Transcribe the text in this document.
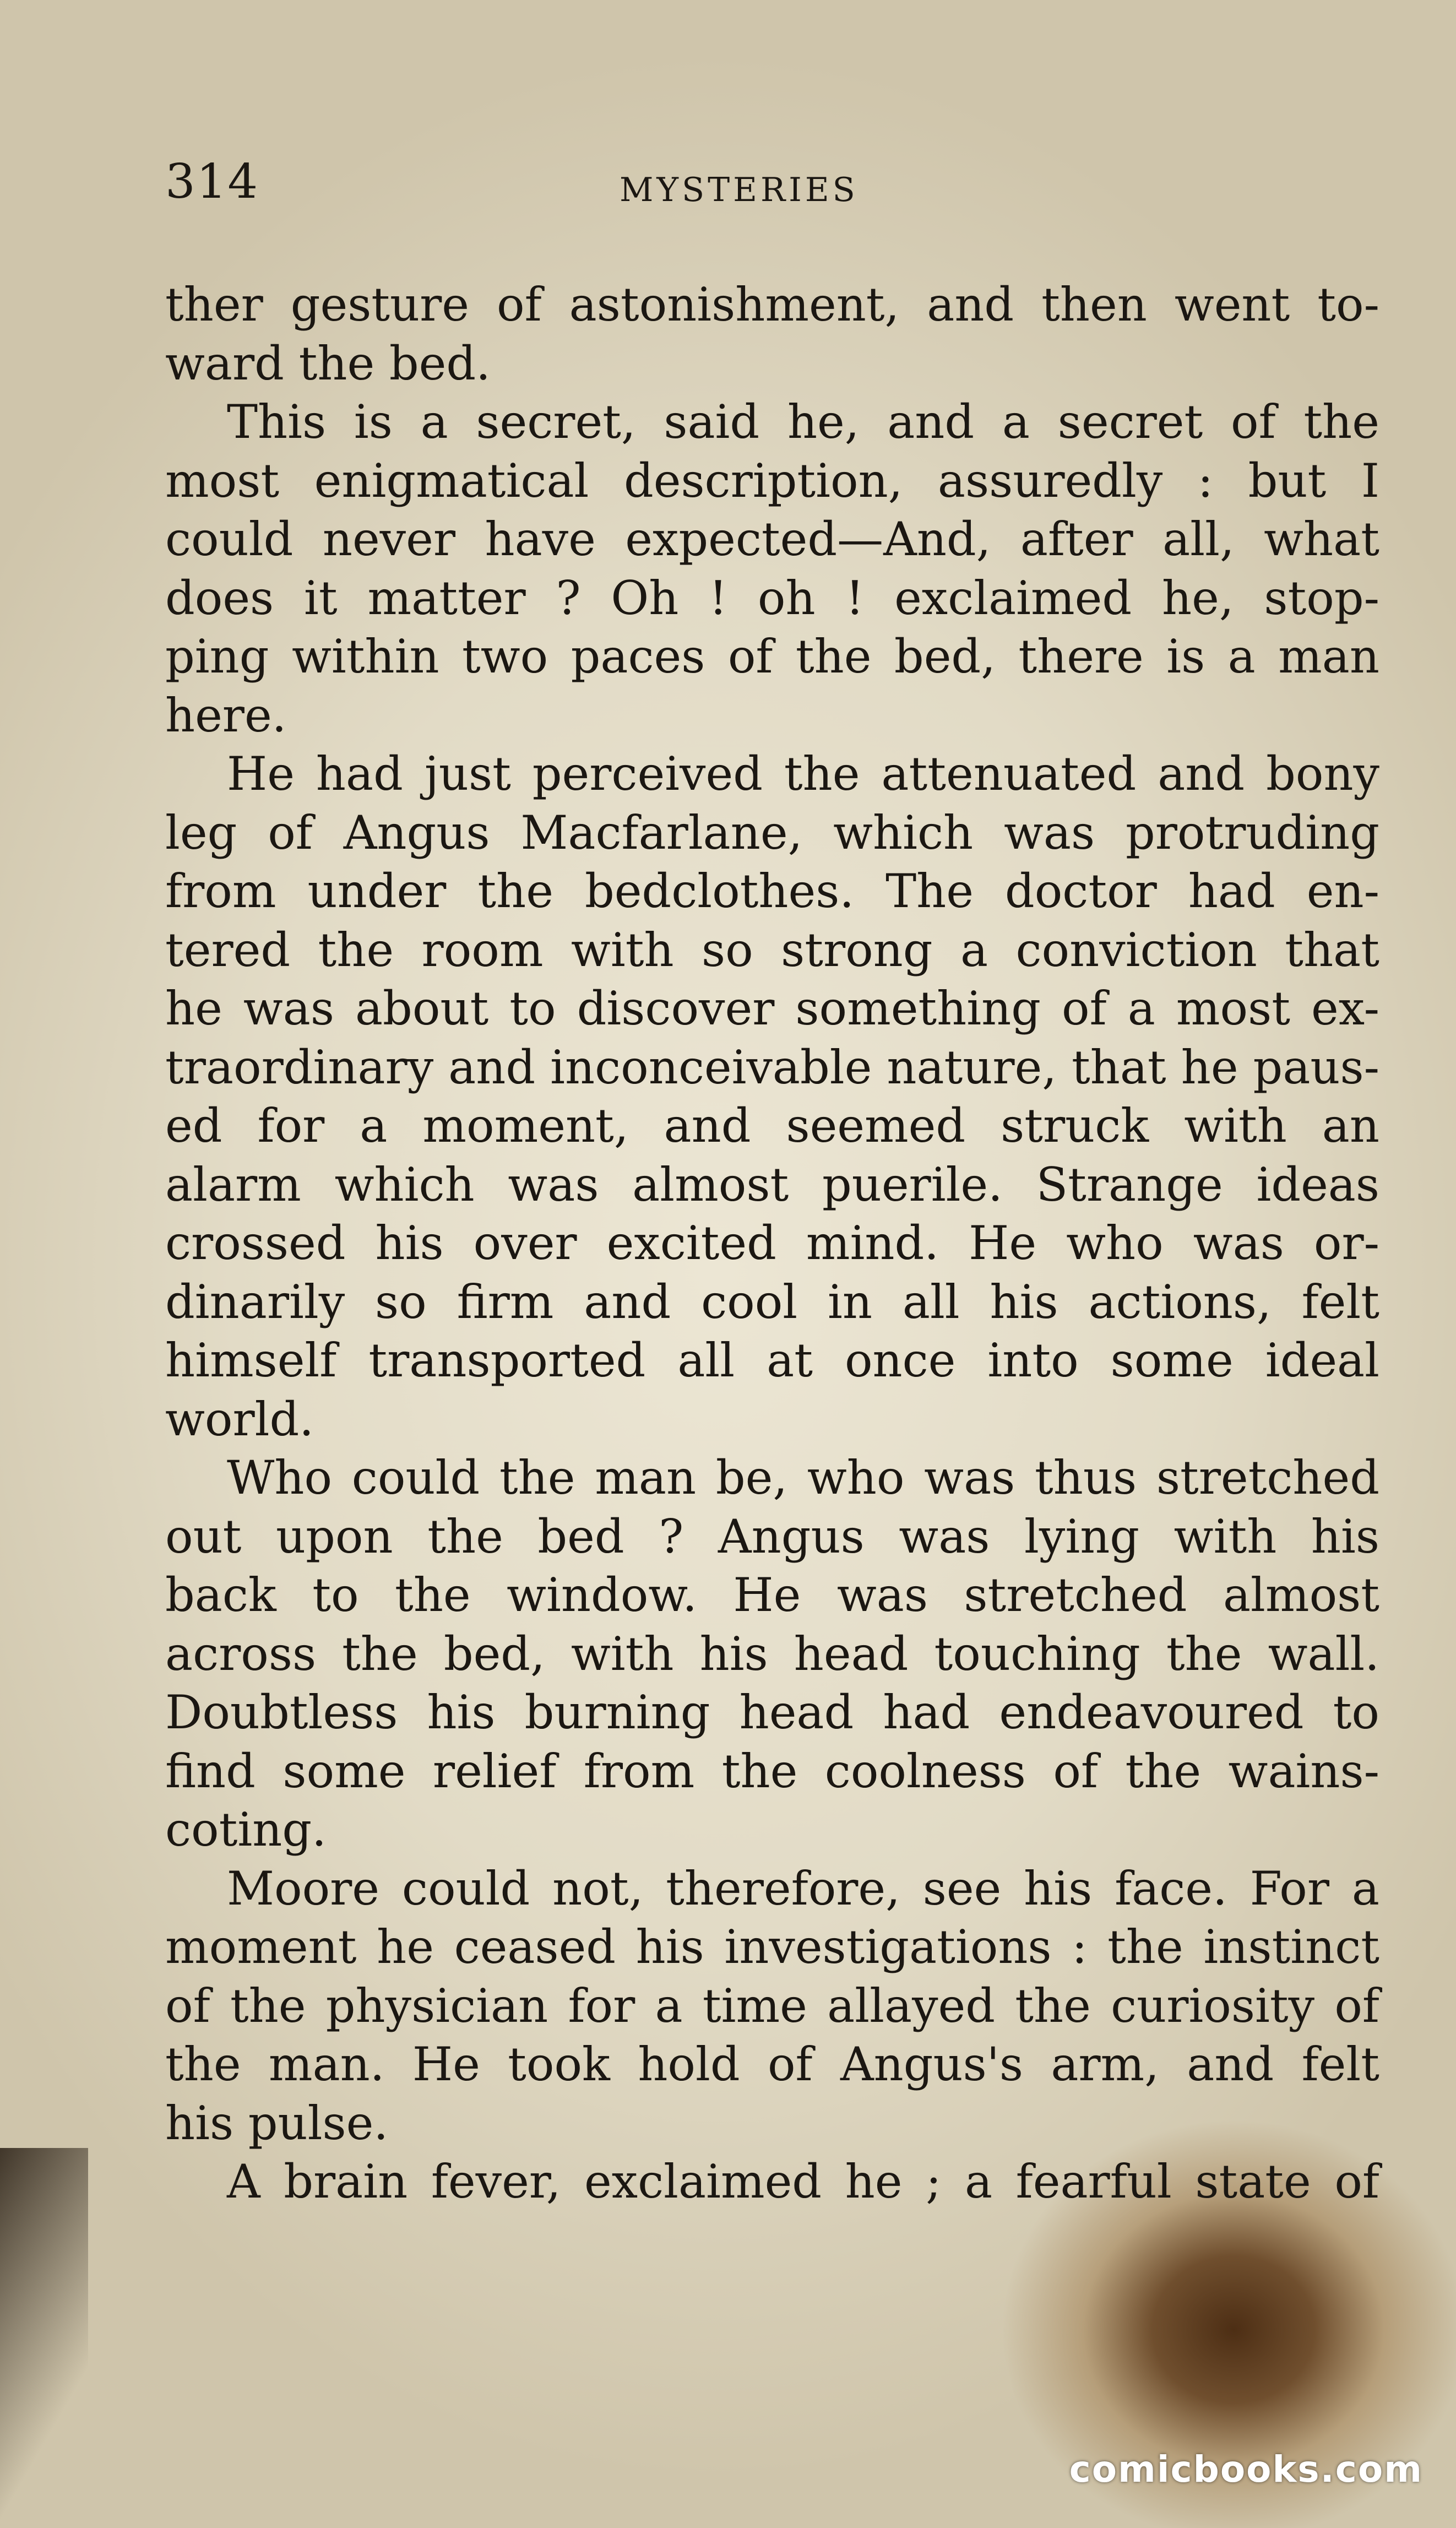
314	MYSTERIES
ther gesture of astonishment, and then went to-
ward the bed.
This is a secret, said he, and a secret of the
most enigmatical description, assuredly : but I
could never have expected—And, after all, what
does it matter ? Oh ! oh ! exclaimed he, stop-
ping within two paces of the bed, there is a man
here.
He had just perceived the attenuated and bony
leg of Angus Macfarlane, which was protruding
from under the bedclothes. The doctor had en-
tered the room with so strong a conviction that
he was about to discover something of a most ex-
traordinary and inconceivable nature, that he paus-
ed for a moment, and seemed struck with an
alarm which was almost puerile. Strange ideas
crossed his over excited mind. He who was or-
dinarily so firm and cool in all his actions, felt
himself transported all at once into some ideal
world.
Who could the man be, who was thus stretched
out upon the bed ? Angus was lying with his
back to the window. He was stretched almost
across the bed, with his head touching the wall.
Doubtless his burning head had endeavoured to
find some relief from the coolness of the wains-
coting.
Moore could not, therefore, see his face. For a
moment he ceased his investigations : the instinct
of the physician for a time allayed the curiosity of
the man. He took hold of Angus's arm, and felt
his pulse.
A brain fever, exclaimed he ; a fearful state of
comicbooks.com
